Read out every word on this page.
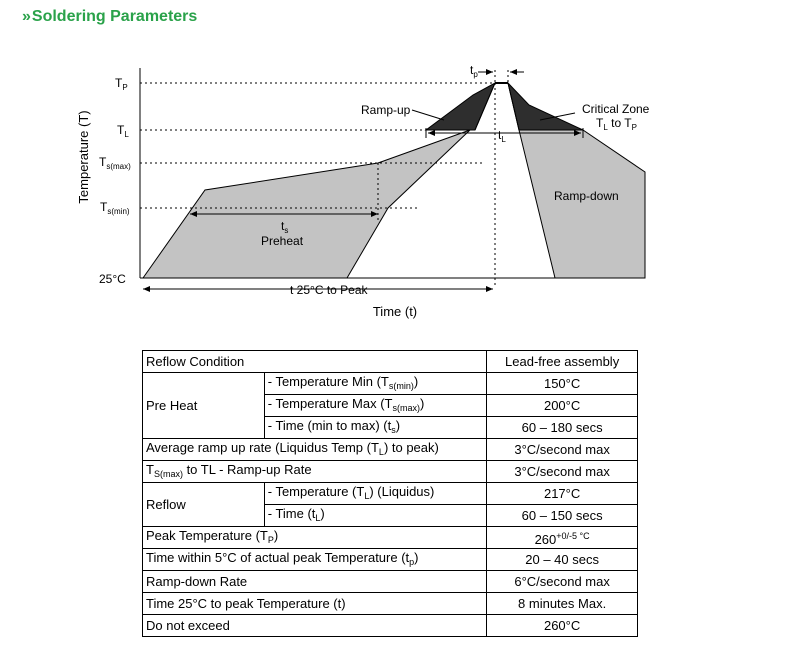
»Soldering Parameters
Temperature (T)
Time (t)
$T_P$
$T_L$
$T_{s(max)}$
$T_{s(min)}$
25°C
Ramp-up	Critical Zone
$T_L$ to $T_P$
$t_s$
Preheat
$t_p$
$t_L$
Ramp-down
t 25°C to Peak
Reflow Condition		Lead-free assembly
Pre Heat	- Temperature Min $(T_{s(min)})$	150°C
	- Temperature Max $(T_{s(max)})$	200°C
	- Time (min to max) $(t_s)$	60 – 180 secs
Average ramp up rate (Liquidus Temp $(T_L)$ to peak)		3°C/second max
$T_{S(max)}$ to TL - Ramp-up Rate		3°C/second max
Reflow	- Temperature $(T_L)$ (Liquidus)	217°C
	- Time $(t_L)$	60 – 150 secs
Peak Temperature $(T_P)$		$260^{+0/-5 ^\circ C}$
Time within 5°C of actual peak Temperature $(t_p)$		20 – 40 secs
Ramp-down Rate		6°C/second max
Time 25°C to peak Temperature (t)		8 minutes Max.
Do not exceed		260°C
